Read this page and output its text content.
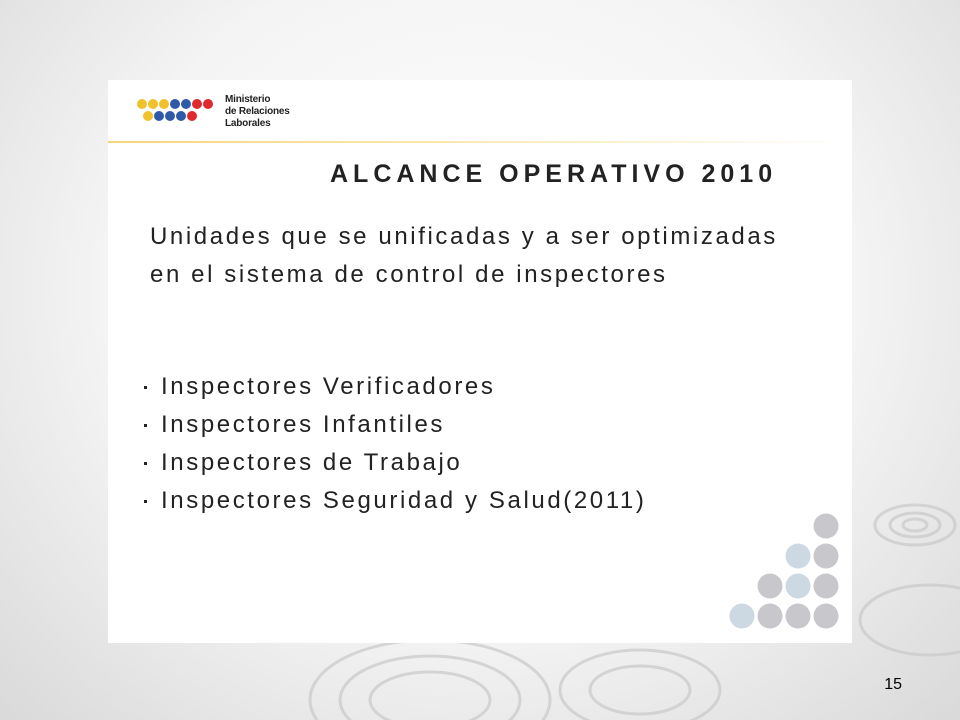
Ministerio
de Relaciones
Laborales
ALCANCE OPERATIVO 2010

Unidades que se unificadas y a ser optimizadas en el sistema de control de inspectores

Inspectores Verificadores
Inspectores Infantiles
Inspectores de Trabajo
Inspectores Seguridad y Salud(2011)
15
